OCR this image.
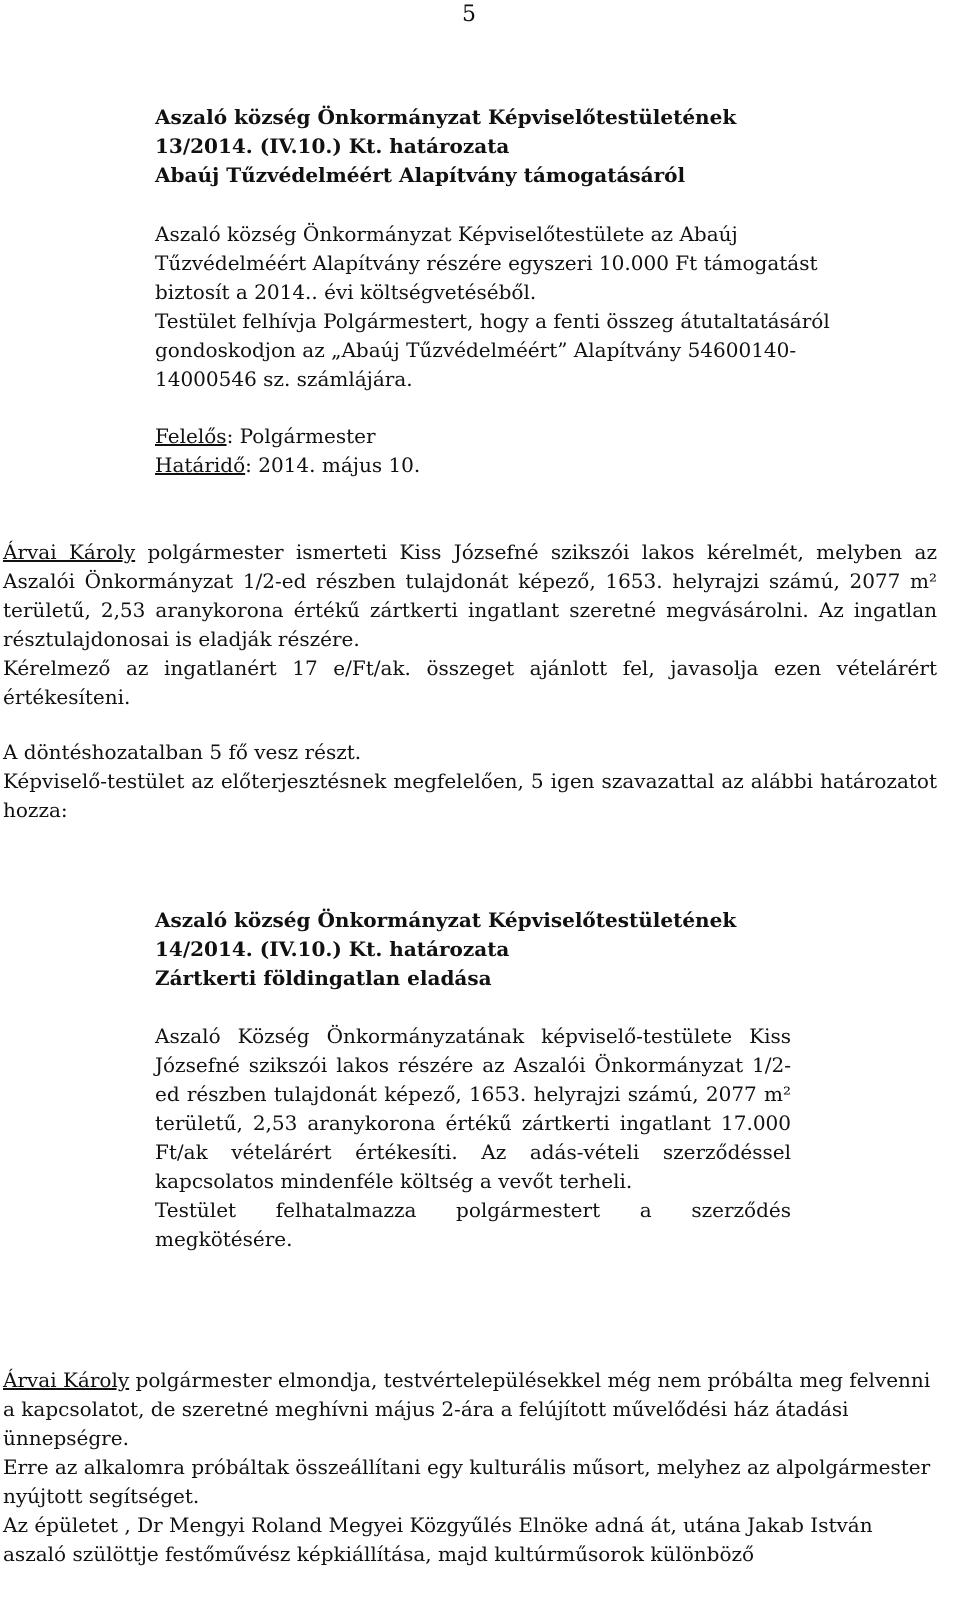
5
Aszaló község Önkormányzat Képviselőtestületének
13/2014. (IV.10.) Kt. határozata
Abaúj Tűzvédelméért Alapítvány támogatásáról
Aszaló község Önkormányzat Képviselőtestülete az Abaúj
Tűzvédelméért Alapítvány részére egyszeri 10.000 Ft támogatást
biztosít a 2014.. évi költségvetéséből.
Testület felhívja Polgármestert, hogy a fenti összeg átutaltatásáról
gondoskodjon az „Abaúj Tűzvédelméért” Alapítvány 54600140-
14000546 sz. számlájára.
Felelős: Polgármester
Határidő: 2014. május 10.
Árvai Károly polgármester ismerteti Kiss Józsefné szikszói lakos kérelmét, melyben az Aszalói Önkormányzat 1/2-ed részben tulajdonát képező, 1653. helyrajzi számú, 2077 m² területű, 2,53 aranykorona értékű zártkerti ingatlant szeretné megvásárolni. Az ingatlan résztulajdonosai is eladják részére.
Kérelmező az ingatlanért 17 e/Ft/ak. összeget ajánlott fel, javasolja ezen vételárért értékesíteni.
A döntéshozatalban 5 fő vesz részt.
Képviselő-testület az előterjesztésnek megfelelően, 5 igen szavazattal az alábbi határozatot hozza:
Aszaló község Önkormányzat Képviselőtestületének
14/2014. (IV.10.) Kt. határozata
Zártkerti földingatlan eladása
Aszaló Község Önkormányzatának képviselő-testülete Kiss Józsefné szikszói lakos részére az Aszalói Önkormányzat 1/2-ed részben tulajdonát képező, 1653. helyrajzi számú, 2077 m² területű, 2,53 aranykorona értékű zártkerti ingatlant 17.000 Ft/ak vételárért értékesíti. Az adás-vételi szerződéssel kapcsolatos mindenféle költség a vevőt terheli.
Testület felhatalmazza polgármestert a szerződés megkötésére.
Árvai Károly polgármester elmondja, testvértelepülésekkel még nem próbálta meg felvenni a kapcsolatot, de szeretné meghívni május 2-ára a felújított művelődési ház átadási ünnepségre.
Erre az alkalomra próbáltak összeállítani egy kulturális műsort, melyhez az alpolgármester nyújtott segítséget.
Az épületet , Dr Mengyi Roland Megyei Közgyűlés Elnöke adná át, utána Jakab István aszaló szülöttje festőművész képkiállítása, majd kultúrműsorok különböző
